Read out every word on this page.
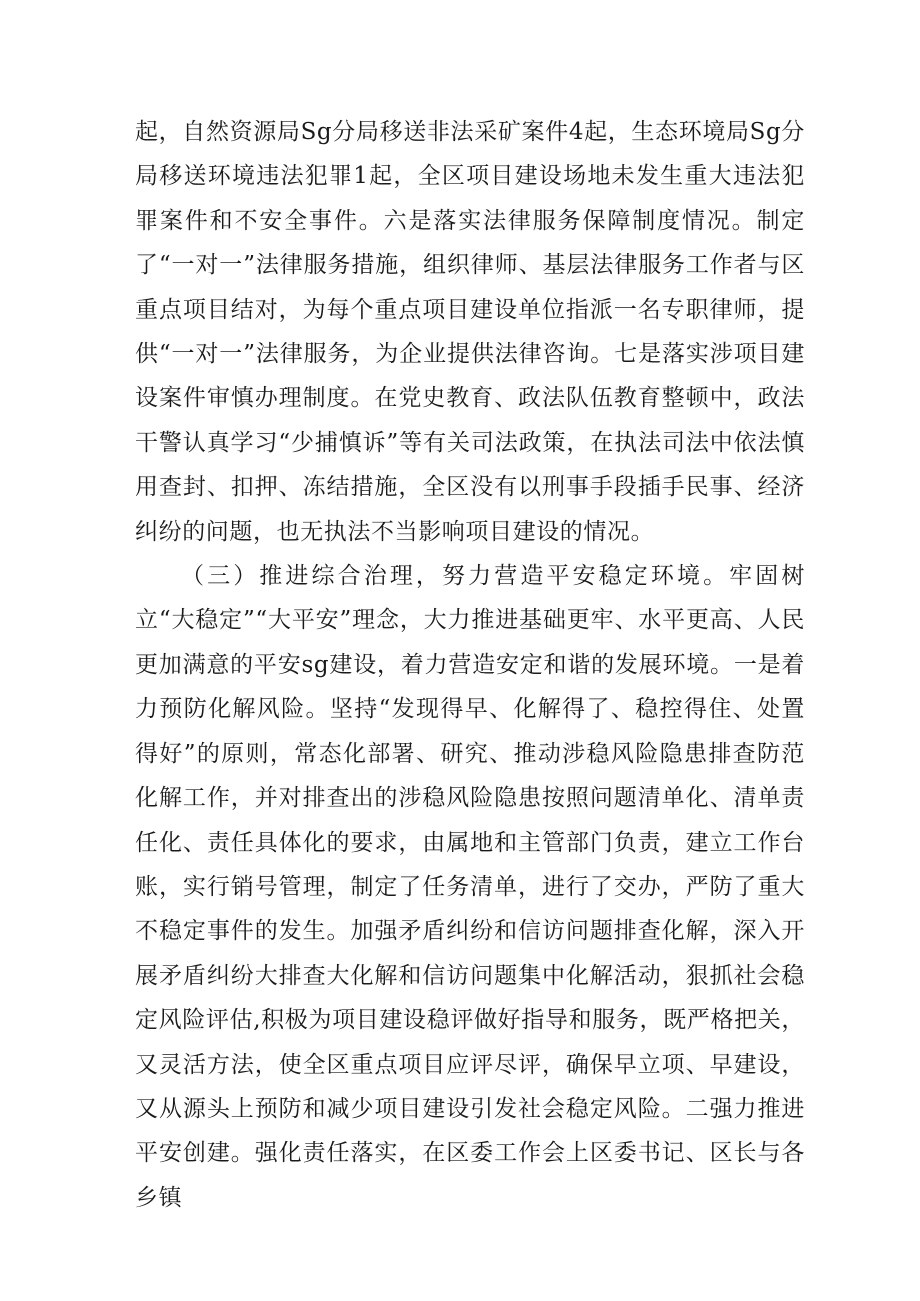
起，自然资源局Sg分局移送非法采矿案件4起，生态环境局Sg分局移送环境违法犯罪1起，全区项目建设场地未发生重大违法犯罪案件和不安全事件。六是落实法律服务保障制度情况。制定了“一对一”法律服务措施，组织律师、基层法律服务工作者与区重点项目结对，为每个重点项目建设单位指派一名专职律师，提供“一对一”法律服务，为企业提供法律咨询。七是落实涉项目建设案件审慎办理制度。在党史教育、政法队伍教育整顿中，政法干警认真学习“少捕慎诉”等有关司法政策，在执法司法中依法慎用查封、扣押、冻结措施，全区没有以刑事手段插手民事、经济纠纷的问题，也无执法不当影响项目建设的情况。

（三）推进综合治理，努力营造平安稳定环境。牢固树立“大稳定”“大平安”理念，大力推进基础更牢、水平更高、人民更加满意的平安sg建设，着力营造安定和谐的发展环境。一是着力预防化解风险。坚持“发现得早、化解得了、稳控得住、处置得好”的原则，常态化部署、研究、推动涉稳风险隐患排查防范化解工作，并对排查出的涉稳风险隐患按照问题清单化、清单责任化、责任具体化的要求，由属地和主管部门负责，建立工作台账，实行销号管理，制定了任务清单，进行了交办，严防了重大不稳定事件的发生。加强矛盾纠纷和信访问题排查化解，深入开展矛盾纠纷大排查大化解和信访问题集中化解活动，狠抓社会稳定风险评估,积极为项目建设稳评做好指导和服务，既严格把关，又灵活方法，使全区重点项目应评尽评，确保早立项、早建设，又从源头上预防和减少项目建设引发社会稳定风险。二强力推进平安创建。强化责任落实，在区委工作会上区委书记、区长与各乡镇
